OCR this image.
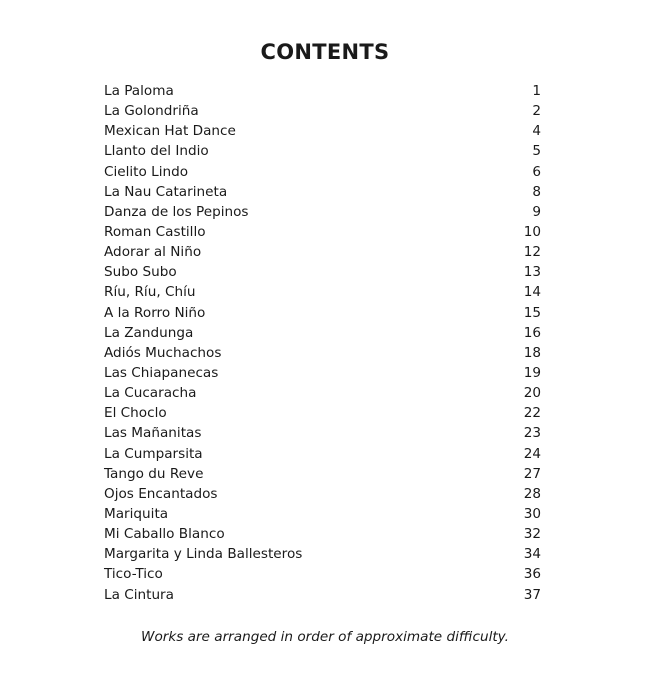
CONTENTS
La Paloma	1
La Golondriña	2
Mexican Hat Dance	4
Llanto del Indio	5
Cielito Lindo	6
La Nau Catarineta	8
Danza de los Pepinos	9
Roman Castillo	10
Adorar al Niño	12
Subo Subo	13
Ríu, Ríu, Chíu	14
A la Rorro Niño	15
La Zandunga	16
Adiós Muchachos	18
Las Chiapanecas	19
La Cucaracha	20
El Choclo	22
Las Mañanitas	23
La Cumparsita	24
Tango du Reve	27
Ojos Encantados	28
Mariquita	30
Mi Caballo Blanco	32
Margarita y Linda Ballesteros	34
Tico-Tico	36
La Cintura	37
Works are arranged in order of approximate difficulty.
